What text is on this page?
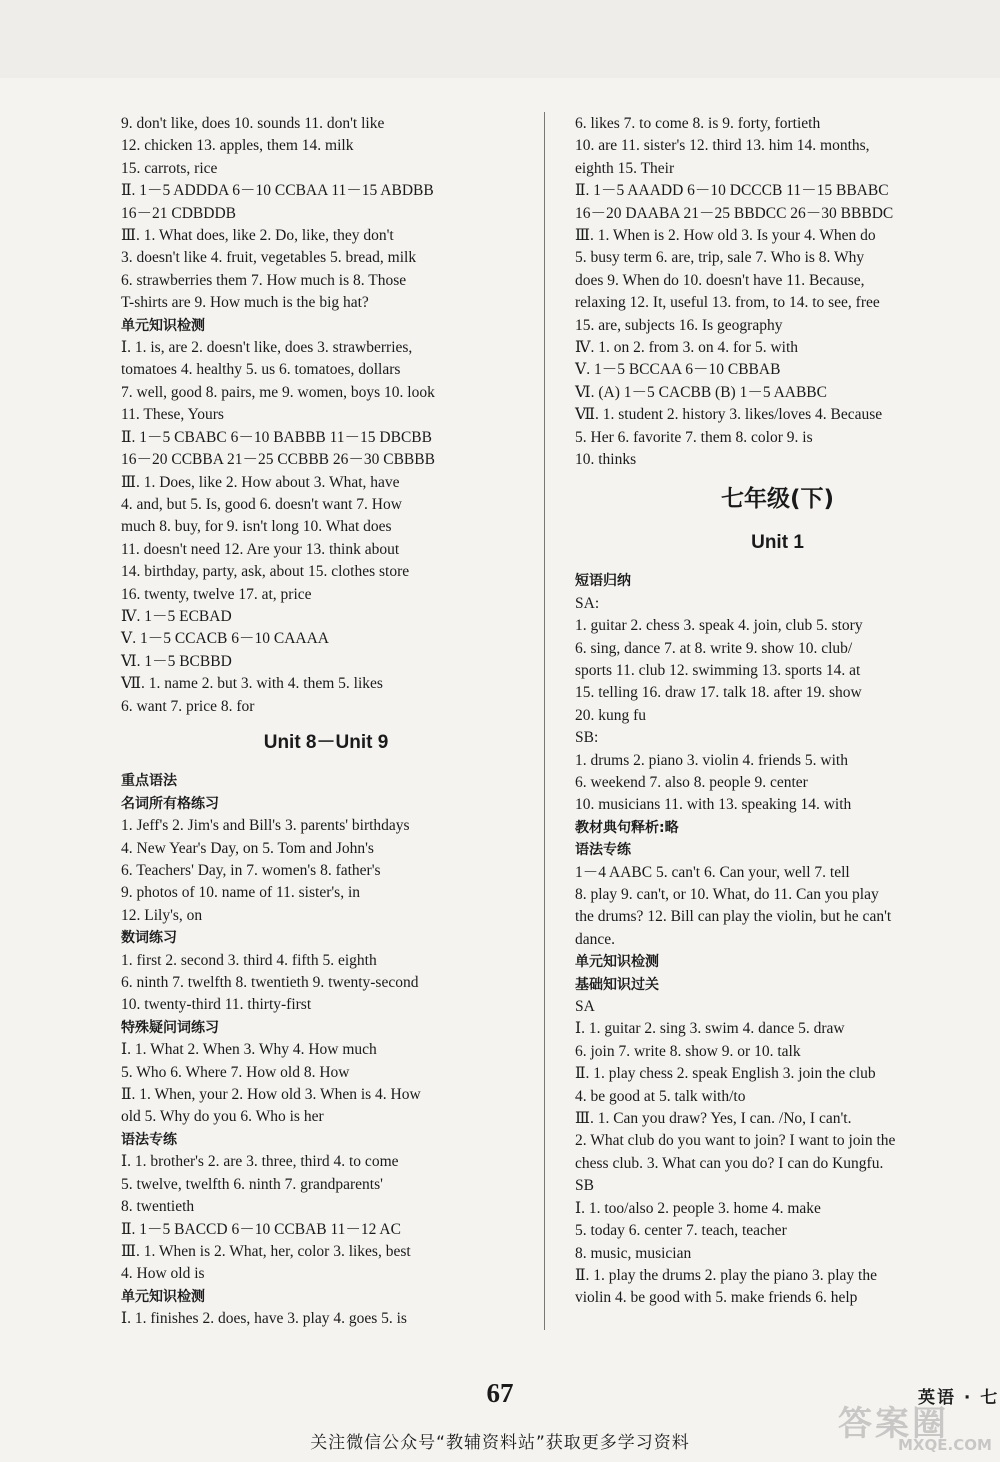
9. don't like, does 10. sounds 11. don't like
12. chicken 13. apples, them 14. milk
15. carrots, rice
Ⅱ. 1－5 ADDDA 6－10 CCBAA 11－15 ABDBB
16－21 CDBDDB
Ⅲ. 1. What does, like 2. Do, like, they don't
3. doesn't like 4. fruit, vegetables 5. bread, milk
6. strawberries them 7. How much is 8. Those
T-shirts are 9. How much is the big hat?
单元知识检测
Ⅰ. 1. is, are 2. doesn't like, does 3. strawberries,
tomatoes 4. healthy 5. us 6. tomatoes, dollars
7. well, good 8. pairs, me 9. women, boys 10. look
11. These, Yours
Ⅱ. 1－5 CBABC 6－10 BABBB 11－15 DBCBB
16－20 CCBBA 21－25 CCBBB 26－30 CBBBB
Ⅲ. 1. Does, like 2. How about 3. What, have
4. and, but 5. Is, good 6. doesn't want 7. How
much 8. buy, for 9. isn't long 10. What does
11. doesn't need 12. Are your 13. think about
14. birthday, party, ask, about 15. clothes store
16. twenty, twelve 17. at, price
Ⅳ. 1－5 ECBAD
Ⅴ. 1－5 CCACB 6－10 CAAAA
Ⅵ. 1－5 BCBBD
Ⅶ. 1. name 2. but 3. with 4. them 5. likes
6. want 7. price 8. for
Unit 8－Unit 9
重点语法
名词所有格练习
1. Jeff's 2. Jim's and Bill's 3. parents' birthdays
4. New Year's Day, on 5. Tom and John's
6. Teachers' Day, in 7. women's 8. father's
9. photos of 10. name of 11. sister's, in
12. Lily's, on
数词练习
1. first 2. second 3. third 4. fifth 5. eighth
6. ninth 7. twelfth 8. twentieth 9. twenty-second
10. twenty-third 11. thirty-first
特殊疑问词练习
Ⅰ. 1. What 2. When 3. Why 4. How much
5. Who 6. Where 7. How old 8. How
Ⅱ. 1. When, your 2. How old 3. When is 4. How
old 5. Why do you 6. Who is her
语法专练
Ⅰ. 1. brother's 2. are 3. three, third 4. to come
5. twelve, twelfth 6. ninth 7. grandparents'
8. twentieth
Ⅱ. 1－5 BACCD 6－10 CCBAB 11－12 AC
Ⅲ. 1. When is 2. What, her, color 3. likes, best
4. How old is
单元知识检测
Ⅰ. 1. finishes 2. does, have 3. play 4. goes 5. is
6. likes 7. to come 8. is 9. forty, fortieth
10. are 11. sister's 12. third 13. him 14. months,
eighth 15. Their
Ⅱ. 1－5 AAADD 6－10 DCCCB 11－15 BBABC
16－20 DAABA 21－25 BBDCC 26－30 BBBDC
Ⅲ. 1. When is 2. How old 3. Is your 4. When do
5. busy term 6. are, trip, sale 7. Who is 8. Why
does 9. When do 10. doesn't have 11. Because,
relaxing 12. It, useful 13. from, to 14. to see, free
15. are, subjects 16. Is geography
Ⅳ. 1. on 2. from 3. on 4. for 5. with
Ⅴ. 1－5 BCCAA 6－10 CBBAB
Ⅵ. (A) 1－5 CACBB (B) 1－5 AABBC
Ⅶ. 1. student 2. history 3. likes/loves 4. Because
5. Her 6. favorite 7. them 8. color 9. is
10. thinks
七年级(下)
Unit 1
短语归纳
SA:
1. guitar 2. chess 3. speak 4. join, club 5. story
6. sing, dance 7. at 8. write 9. show 10. club/
sports 11. club 12. swimming 13. sports 14. at
15. telling 16. draw 17. talk 18. after 19. show
20. kung fu
SB:
1. drums 2. piano 3. violin 4. friends 5. with
6. weekend 7. also 8. people 9. center
10. musicians 11. with 13. speaking 14. with
教材典句释析:略
语法专练
1－4 AABC 5. can't 6. Can your, well 7. tell
8. play 9. can't, or 10. What, do 11. Can you play
the drums? 12. Bill can play the violin, but he can't
dance.
单元知识检测
基础知识过关
SA
Ⅰ. 1. guitar 2. sing 3. swim 4. dance 5. draw
6. join 7. write 8. show 9. or 10. talk
Ⅱ. 1. play chess 2. speak English 3. join the club
4. be good at 5. talk with/to
Ⅲ. 1. Can you draw? Yes, I can. /No, I can't.
2. What club do you want to join? I want to join the
chess club. 3. What can you do? I can do Kungfu.
SB
Ⅰ. 1. too/also 2. people 3. home 4. make
5. today 6. center 7. teach, teacher
8. music, musician
Ⅱ. 1. play the drums 2. play the piano 3. play the
violin 4. be good with 5. make friends 6. help
67	英语 · 七
答案圈
MXQE.COM
关注微信公众号“教辅资料站”获取更多学习资料
